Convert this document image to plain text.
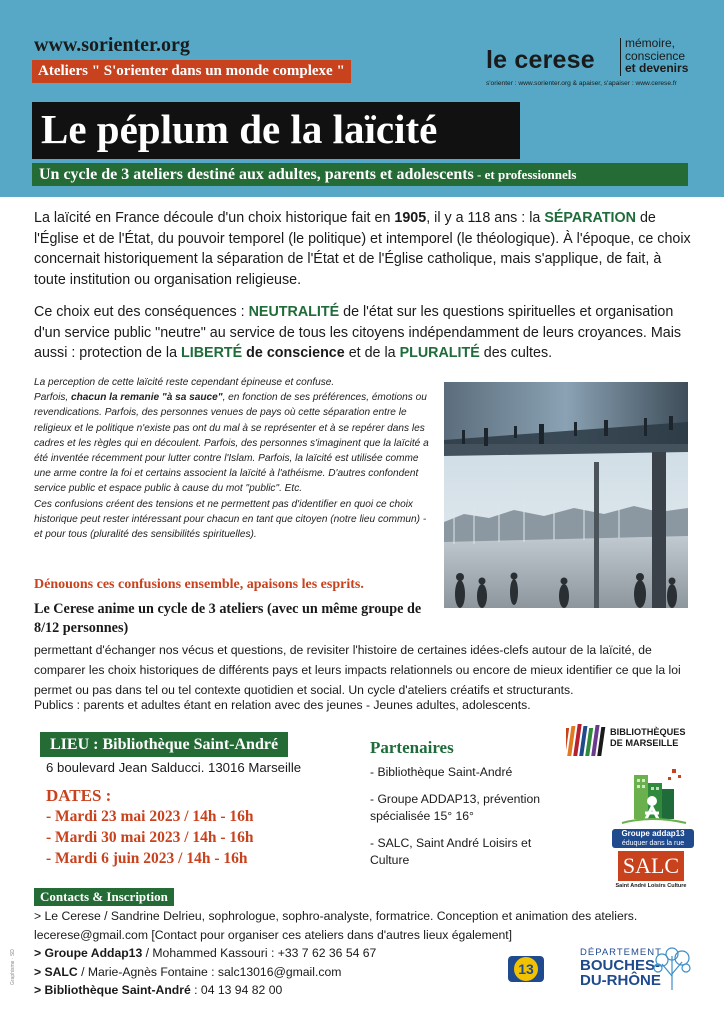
www.sorienter.org
Ateliers " S'orienter dans un monde complexe "	le cerese
mémoire,
conscience
et devenirs
s'orienter : www.sorienter.org & apaiser, s'apaiser : www.cerese.fr
Le péplum de la laïcité
Un cycle de 3 ateliers destiné aux adultes, parents et adolescents - et professionnels

La laïcité en France découle d'un choix historique fait en 1905, il y a 118 ans : la SÉPARATION de l'Église et de l'État, du pouvoir temporel (le politique) et intemporel (le théologique). À l'époque, ce choix concernait historiquement la séparation de l'État et de l'Église catholique, mais s'applique, de fait, à toute institution ou organisation religieuse.

Ce choix eut des conséquences : NEUTRALITÉ de l'état sur les questions spirituelles et organisation d'un service public "neutre" au service de tous les citoyens indépendamment de leurs croyances. Mais aussi : protection de la LIBERTÉ de conscience et de la PLURALITÉ des cultes.

La perception de cette laïcité reste cependant épineuse et confuse.

Parfois, chacun la remanie "à sa sauce", en fonction de ses préférences, émotions ou revendications. Parfois, des personnes venues de pays où cette séparation entre le religieux et le politique n'existe pas ont du mal à se représenter et à se repérer dans les cadres et les règles qui en découlent. Parfois, des personnes s'imaginent que la laïcité a été inventée récemment pour lutter contre l'Islam. Parfois, la laïcité est utilisée comme une arme contre la foi et certains associent la laïcité à l'athéisme. D'autres confondent service public et espace public à cause du mot "public". Etc.

Ces confusions créent des tensions et ne permettent pas d'identifier en quoi ce choix historique peut rester intéressant pour chacun en tant que citoyen (notre lieu commun) - et pour tous (pluralité des sensibilités spirituelles).

Dénouons ces confusions ensemble, apaisons les esprits.
Le Cerese anime un cycle de 3 ateliers (avec un même groupe de 8/12 personnes)
permettant d'échanger nos vécus et questions, de revisiter l'histoire de certaines idées-clefs autour de la laïcité, de comparer les choix historiques de différents pays et leurs impacts relationnels ou encore de mieux identifier ce que la loi permet ou pas dans tel ou tel contexte quotidien et social. Un cycle d'ateliers créatifs et structurants.
Publics : parents et adultes étant en relation avec des jeunes - Jeunes adultes, adolescents.
LIEU : Bibliothèque Saint-André
6 boulevard Jean Salducci. 13016 Marseille
DATES :
- Mardi 23 mai 2023 / 14h - 16h
- Mardi 30 mai 2023 / 14h - 16h
- Mardi 6 juin 2023 / 14h - 16h
Partenaires
- Bibliothèque Saint-André
- Groupe ADDAP13, prévention spécialisée 15° 16°
- SALC, Saint André Loisirs et Culture
BIBLIOTHÈQUES
DE MARSEILLE
Groupe addap13
éduquer dans la rue
SALC
Saint André Loisirs Culture
Contacts & Inscription
> Le Cerese / Sandrine Delrieu, sophrologue, sophro-analyste, formatrice. Conception et animation des ateliers.
lecerese@gmail.com [Contact pour organiser ces ateliers dans d'autres lieux également]
> Groupe Addap13 / Mohammed Kassouri : +33 7 62 36 54 67
> SALC / Marie-Agnès Fontaine : salc13016@gmail.com
> Bibliothèque Saint-André : 04 13 94 82 00
Graphisme · SD	13
DÉPARTEMENT
BOUCHES-
DU-RHÔNE
